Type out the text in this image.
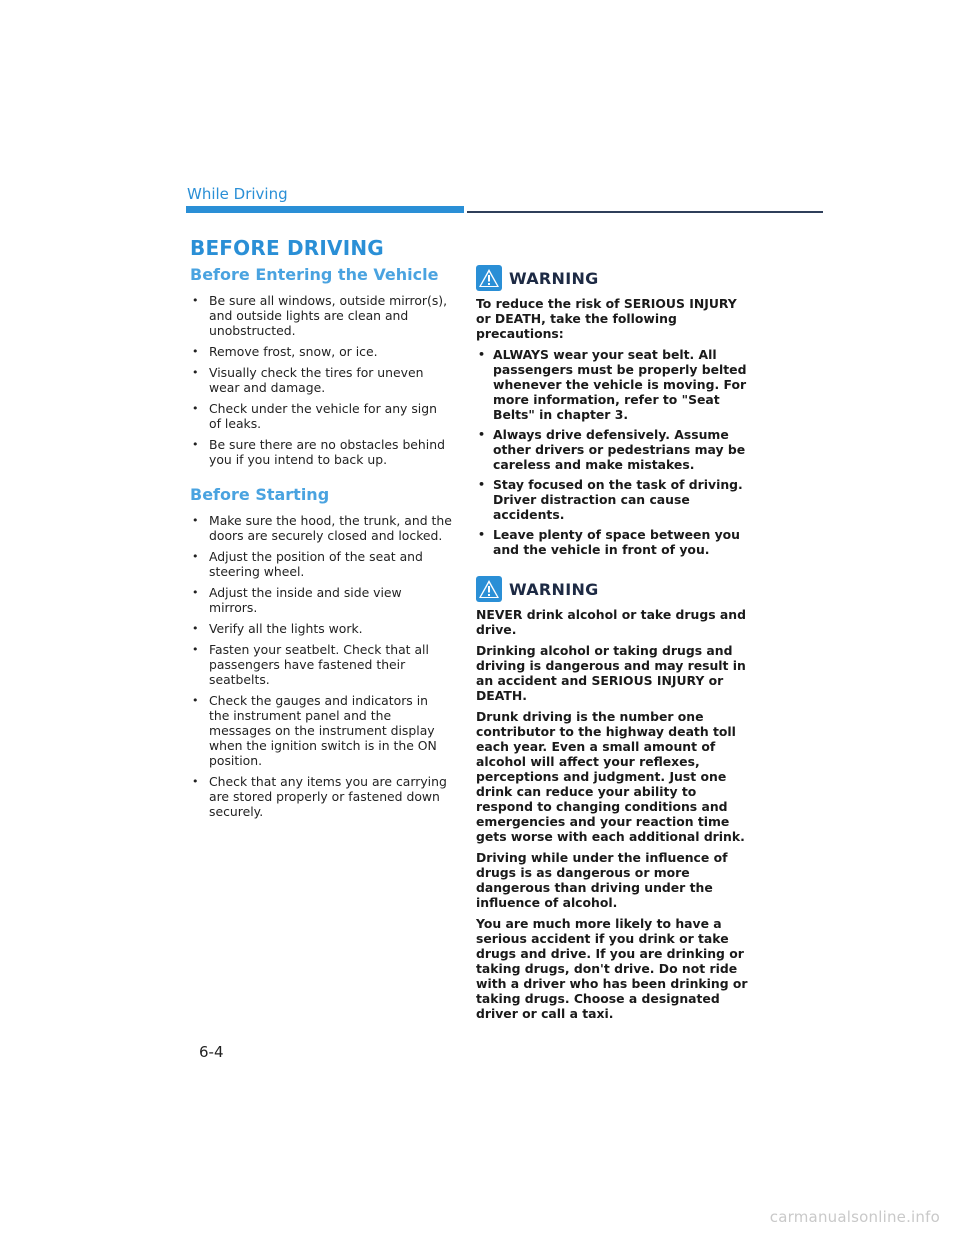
While Driving
BEFORE DRIVING
Before Entering the Vehicle
• Be sure all windows, outside mirror(s), and outside lights are clean and unobstructed.
• Remove frost, snow, or ice.
• Visually check the tires for uneven wear and damage.
• Check under the vehicle for any sign of leaks.
• Be sure there are no obstacles behind you if you intend to back up.
Before Starting
• Make sure the hood, the trunk, and the doors are securely closed and locked.
• Adjust the position of the seat and steering wheel.
• Adjust the inside and side view mirrors.
• Verify all the lights work.
• Fasten your seatbelt. Check that all passengers have fastened their seatbelts.
• Check the gauges and indicators in the instrument panel and the messages on the instrument display when the ignition switch is in the ON position.
• Check that any items you are carrying are stored properly or fastened down securely.
WARNING

To reduce the risk of SERIOUS INJURY or DEATH, take the following precautions:

• ALWAYS wear your seat belt. All passengers must be properly belted whenever the vehicle is moving. For more information, refer to "Seat Belts" in chapter 3.
• Always drive defensively. Assume other drivers or pedestrians may be careless and make mistakes.
• Stay focused on the task of driving. Driver distraction can cause accidents.
• Leave plenty of space between you and the vehicle in front of you.
WARNING

NEVER drink alcohol or take drugs and drive.

Drinking alcohol or taking drugs and driving is dangerous and may result in an accident and SERIOUS INJURY or DEATH.

Drunk driving is the number one contributor to the highway death toll each year. Even a small amount of alcohol will affect your reflexes, perceptions and judgment. Just one drink can reduce your ability to respond to changing conditions and emergencies and your reaction time gets worse with each additional drink.

Driving while under the influence of drugs is as dangerous or more dangerous than driving under the influence of alcohol.

You are much more likely to have a serious accident if you drink or take drugs and drive. If you are drinking or taking drugs, don't drive. Do not ride with a driver who has been drinking or taking drugs. Choose a designated driver or call a taxi.

6-4
carmanualsonline.info
